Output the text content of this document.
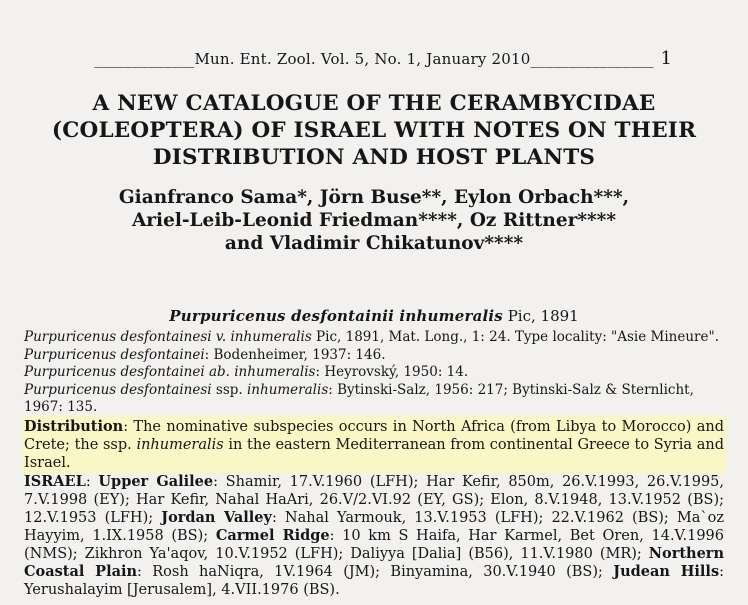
_____________Mun. Ent. Zool. Vol. 5, No. 1, January 2010________________ 1
A NEW CATALOGUE OF THE CERAMBYCIDAE
(COLEOPTERA) OF ISRAEL WITH NOTES ON THEIR
DISTRIBUTION AND HOST PLANTS
Gianfranco Sama*, Jörn Buse**, Eylon Orbach***,
Ariel-Leib-Leonid Friedman****, Oz Rittner****
and Vladimir Chikatunov****
Purpuricenus desfontainii inhumeralis Pic, 1891

Purpuricenus desfontainesi v. inhumeralis Pic, 1891, Mat. Long., 1: 24. Type locality: "Asie Mineure".

Purpuricenus desfontainei: Bodenheimer, 1937: 146.

Purpuricenus desfontainei ab. inhumeralis: Heyrovský, 1950: 14.

Purpuricenus desfontainesi ssp. inhumeralis: Bytinski-Salz, 1956: 217; Bytinski-Salz & Sternlicht, 1967: 135.

Distribution: The nominative subspecies occurs in North Africa (from Libya to Morocco) and Crete; the ssp. inhumeralis in the eastern Mediterranean from continental Greece to Syria and Israel.

ISRAEL: Upper Galilee: Shamir, 17.V.1960 (LFH); Har Kefir, 850m, 26.V.1993, 26.V.1995, 7.V.1998 (EY); Har Kefir, Nahal HaAri, 26.V/2.VI.92 (EY, GS); Elon, 8.V.1948, 13.V.1952 (BS); 12.V.1953 (LFH); Jordan Valley: Nahal Yarmouk, 13.V.1953 (LFH); 22.V.1962 (BS); Ma`oz Hayyim, 1.IX.1958 (BS); Carmel Ridge: 10 km S Haifa, Har Karmel, Bet Oren, 14.V.1996 (NMS); Zikhron Ya'aqov, 10.V.1952 (LFH); Daliyya [Dalia] (B56), 11.V.1980 (MR); Northern Coastal Plain: Rosh haNiqra, 1V.1964 (JM); Binyamina, 30.V.1940 (BS); Judean Hills: Yerushalayim [Jerusalem], 4.VII.1976 (BS).
